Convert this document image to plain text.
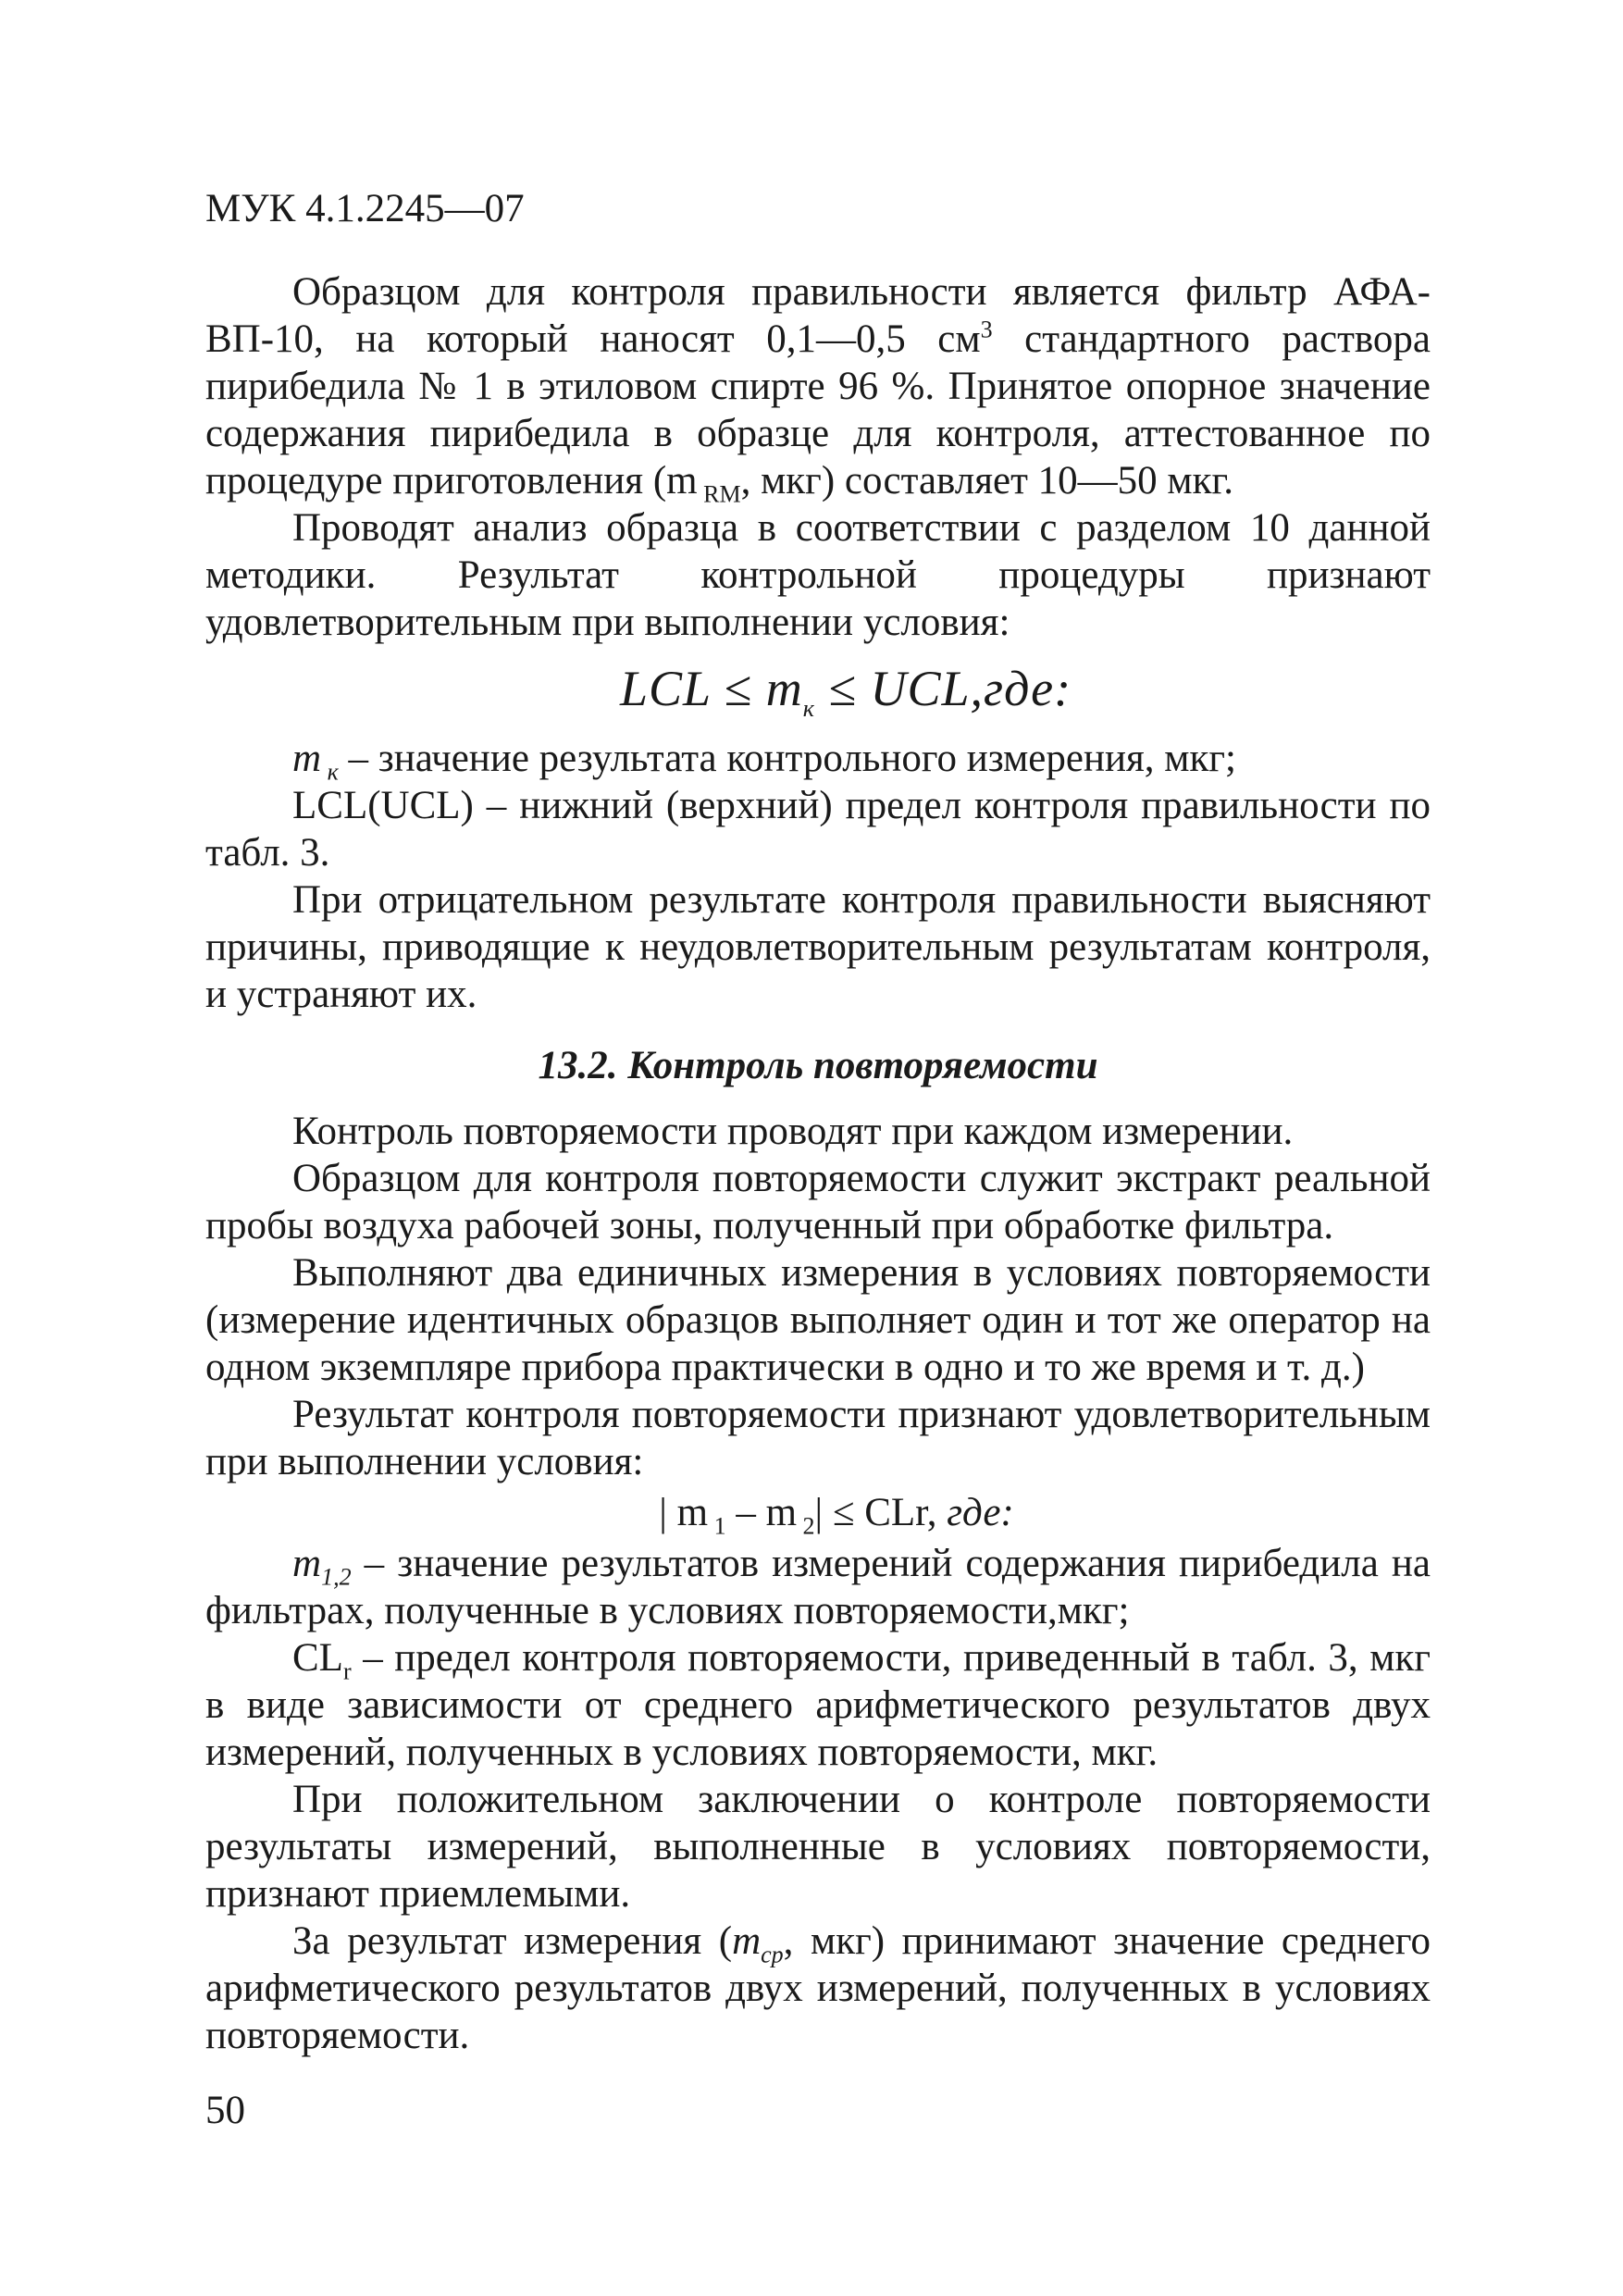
МУК 4.1.2245—07

Образцом для контроля правильности является фильтр АФА-ВП-10, на который наносят 0,1—0,5 $см^3$ стандартного раствора пирибедила № 1 в этиловом спирте 96 %. Принятое опорное значение содержания пирибедила в образце для контроля, аттестованное по процедуре приготовления (m $_{RM}$, мкг) составляет 10—50 мкг.

Проводят анализ образца в соответствии с разделом 10 данной методики. Результат контрольной процедуры признают удовлетворительным при выполнении условия:

LCL ≤ $m_к \le UCL,где$:

m $_к$ – значение результата контрольного измерения, мкг;

LCL(UCL) – нижний (верхний) предел контроля правильности по табл. 3.

При отрицательном результате контроля правильности выясняют причины, приводящие к неудовлетворительным результатам контроля, и устраняют их.

13.2. Контроль повторяемости

Контроль повторяемости проводят при каждом измерении.

Образцом для контроля повторяемости служит экстракт реальной пробы воздуха рабочей зоны, полученный при обработке фильтра.

Выполняют два единичных измерения в условиях повторяемости (измерение идентичных образцов выполняет один и тот же оператор на одном экземпляре прибора практически в одно и то же время и т. д.)

Результат контроля повторяемости признают удовлетворительным при выполнении условия:

| m $_1$ – m $_2$| ≤ CLr, где:

$m_{1,2}$ – значение результатов измерений содержания пирибедила на фильтрах, полученные в условиях повторяемости,мкг;

$CL_r$ – предел контроля повторяемости, приведенный в табл. 3, мкг в виде зависимости от среднего арифметического результатов двух измерений, полученных в условиях повторяемости, мкг.

При положительном заключении о контроле повторяемости результаты измерений, выполненные в условиях повторяемости, признают приемлемыми.

За результат измерения ($m_{ср}$, мкг) принимают значение среднего арифметического результатов двух измерений, полученных в условиях повторяемости.

50
